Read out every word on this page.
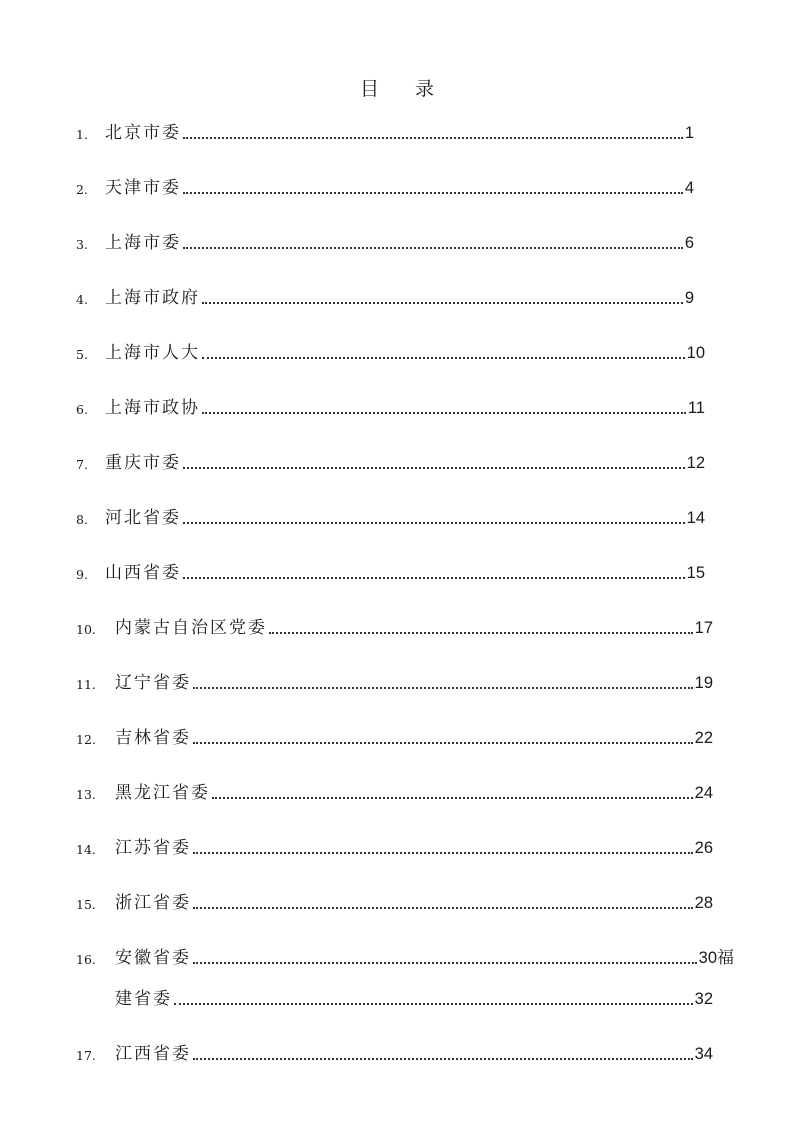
目 录
1. 北京市委	1
2. 天津市委	4
3. 上海市委	6
4. 上海市政府	9
5. 上海市人大	10
6. 上海市政协	11
7. 重庆市委	12
8. 河北省委	14
9. 山西省委	15
10. 内蒙古自治区党委	17
11. 辽宁省委	19
12. 吉林省委	22
13. 黑龙江省委	24
14. 江苏省委	26
15. 浙江省委	28
16. 安徽省委	30 福
建省委	32
17. 江西省委	34
